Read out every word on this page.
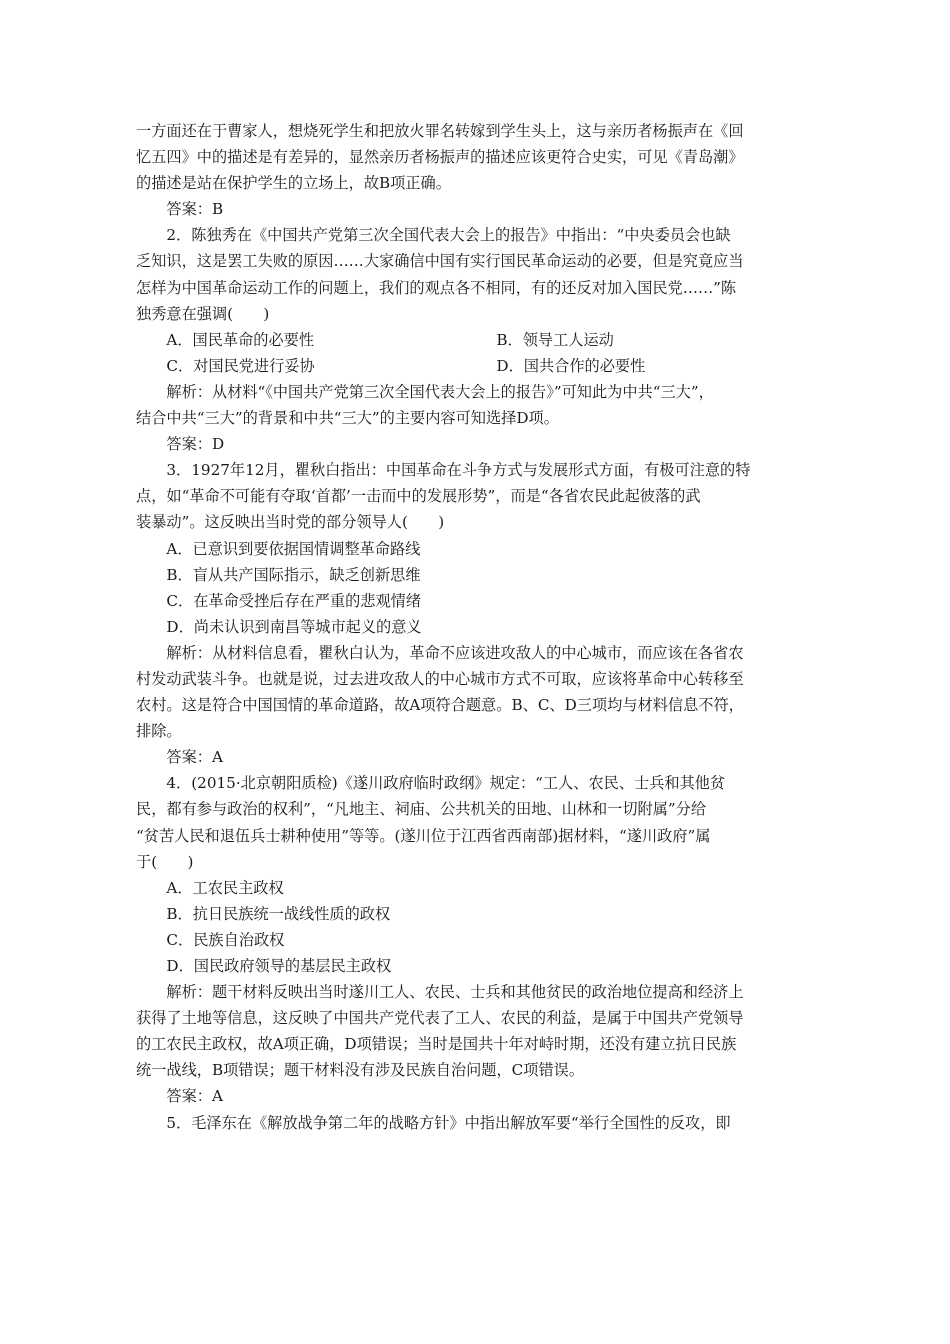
一方面还在于曹家人，想烧死学生和把放火罪名转嫁到学生头上，这与亲历者杨振声在《回

忆五四》中的描述是有差异的，显然亲历者杨振声的描述应该更符合史实，可见《青岛潮》

的描述是站在保护学生的立场上，故B项正确。

答案：B

2．陈独秀在《中国共产党第三次全国代表大会上的报告》中指出：“中央委员会也缺

乏知识，这是罢工失败的原因……大家确信中国有实行国民革命运动的必要，但是究竟应当

怎样为中国革命运动工作的问题上，我们的观点各不相同，有的还反对加入国民党……”陈

独秀意在强调(　　)

A．国民革命的必要性	B．领导工人运动
C．对国民党进行妥协	D．国共合作的必要性

解析：从材料“《中国共产党第三次全国代表大会上的报告》”可知此为中共“三大”，

结合中共“三大”的背景和中共“三大”的主要内容可知选择D项。

答案：D

3．1927年12月，瞿秋白指出：中国革命在斗争方式与发展形式方面，有极可注意的特

点，如“革命不可能有夺取‘首都’一击而中的发展形势”，而是“各省农民此起彼落的武

装暴动”。这反映出当时党的部分领导人(　　)

A．已意识到要依据国情调整革命路线

B．盲从共产国际指示，缺乏创新思维

C．在革命受挫后存在严重的悲观情绪

D．尚未认识到南昌等城市起义的意义

解析：从材料信息看，瞿秋白认为，革命不应该进攻敌人的中心城市，而应该在各省农

村发动武装斗争。也就是说，过去进攻敌人的中心城市方式不可取，应该将革命中心转移至

农村。这是符合中国国情的革命道路，故A项符合题意。B、C、D三项均与材料信息不符，

排除。

答案：A

4．(2015·北京朝阳质检)《遂川政府临时政纲》规定：“工人、农民、士兵和其他贫

民，都有参与政治的权利”，“凡地主、祠庙、公共机关的田地、山林和一切附属”分给

“贫苦人民和退伍兵士耕种使用”等等。(遂川位于江西省西南部)据材料，“遂川政府”属

于(　　)

A．工农民主政权

B．抗日民族统一战线性质的政权

C．民族自治政权

D．国民政府领导的基层民主政权

解析：题干材料反映出当时遂川工人、农民、士兵和其他贫民的政治地位提高和经济上

获得了土地等信息，这反映了中国共产党代表了工人、农民的利益，是属于中国共产党领导

的工农民主政权，故A项正确，D项错误；当时是国共十年对峙时期，还没有建立抗日民族

统一战线，B项错误；题干材料没有涉及民族自治问题，C项错误。

答案：A

5．毛泽东在《解放战争第二年的战略方针》中指出解放军要“举行全国性的反攻，即
